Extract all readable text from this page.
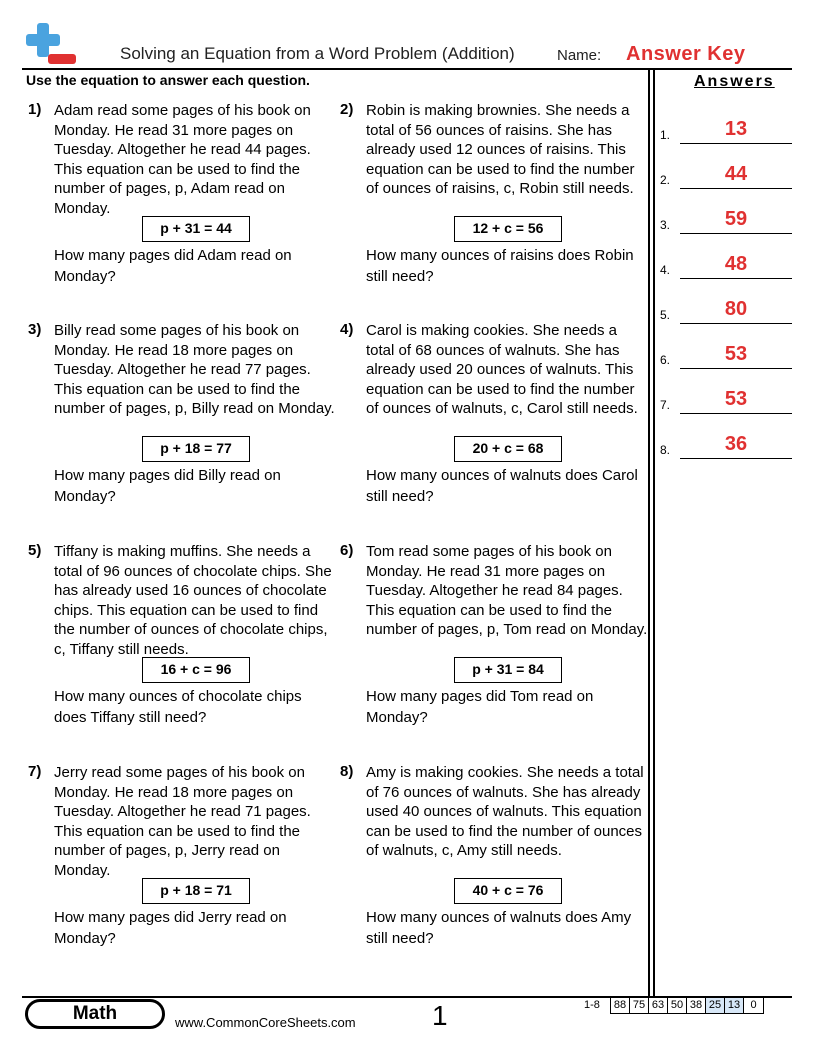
Solving an Equation from a Word Problem (Addition)	Name: Answer Key
Use the equation to answer each question.	Answers
1.	13
2.	44
3.	59
4.	48
5.	80
6.	53
7.	53
8.	36
1) Adam read some pages of his book on Monday. He read 31 more pages on Tuesday. Altogether he read 44 pages. This equation can be used to find the number of pages, p, Adam read on Monday.
p + 31 = 44
How many pages did Adam read on Monday?
2) Robin is making brownies. She needs a total of 56 ounces of raisins. She has already used 12 ounces of raisins. This equation can be used to find the number of ounces of raisins, c, Robin still needs.
12 + c = 56
How many ounces of raisins does Robin still need?
3) Billy read some pages of his book on Monday. He read 18 more pages on Tuesday. Altogether he read 77 pages. This equation can be used to find the number of pages, p, Billy read on Monday.
p + 18 = 77
How many pages did Billy read on Monday?
4) Carol is making cookies. She needs a total of 68 ounces of walnuts. She has already used 20 ounces of walnuts. This equation can be used to find the number of ounces of walnuts, c, Carol still needs.
20 + c = 68
How many ounces of walnuts does Carol still need?
5) Tiffany is making muffins. She needs a total of 96 ounces of chocolate chips. She has already used 16 ounces of chocolate chips. This equation can be used to find the number of ounces of chocolate chips, c, Tiffany still needs.
16 + c = 96
How many ounces of chocolate chips does Tiffany still need?
6) Tom read some pages of his book on Monday. He read 31 more pages on Tuesday. Altogether he read 84 pages. This equation can be used to find the number of pages, p, Tom read on Monday.
p + 31 = 84
How many pages did Tom read on Monday?
7) Jerry read some pages of his book on Monday. He read 18 more pages on Tuesday. Altogether he read 71 pages. This equation can be used to find the number of pages, p, Jerry read on Monday.
p + 18 = 71
How many pages did Jerry read on Monday?
8) Amy is making cookies. She needs a total of 76 ounces of walnuts. She has already used 40 ounces of walnuts. This equation can be used to find the number of ounces of walnuts, c, Amy still needs.
40 + c = 76
How many ounces of walnuts does Amy still need?
Math	www.CommonCoreSheets.com	1	1-8 88 75 63 50 38 25 13 0
